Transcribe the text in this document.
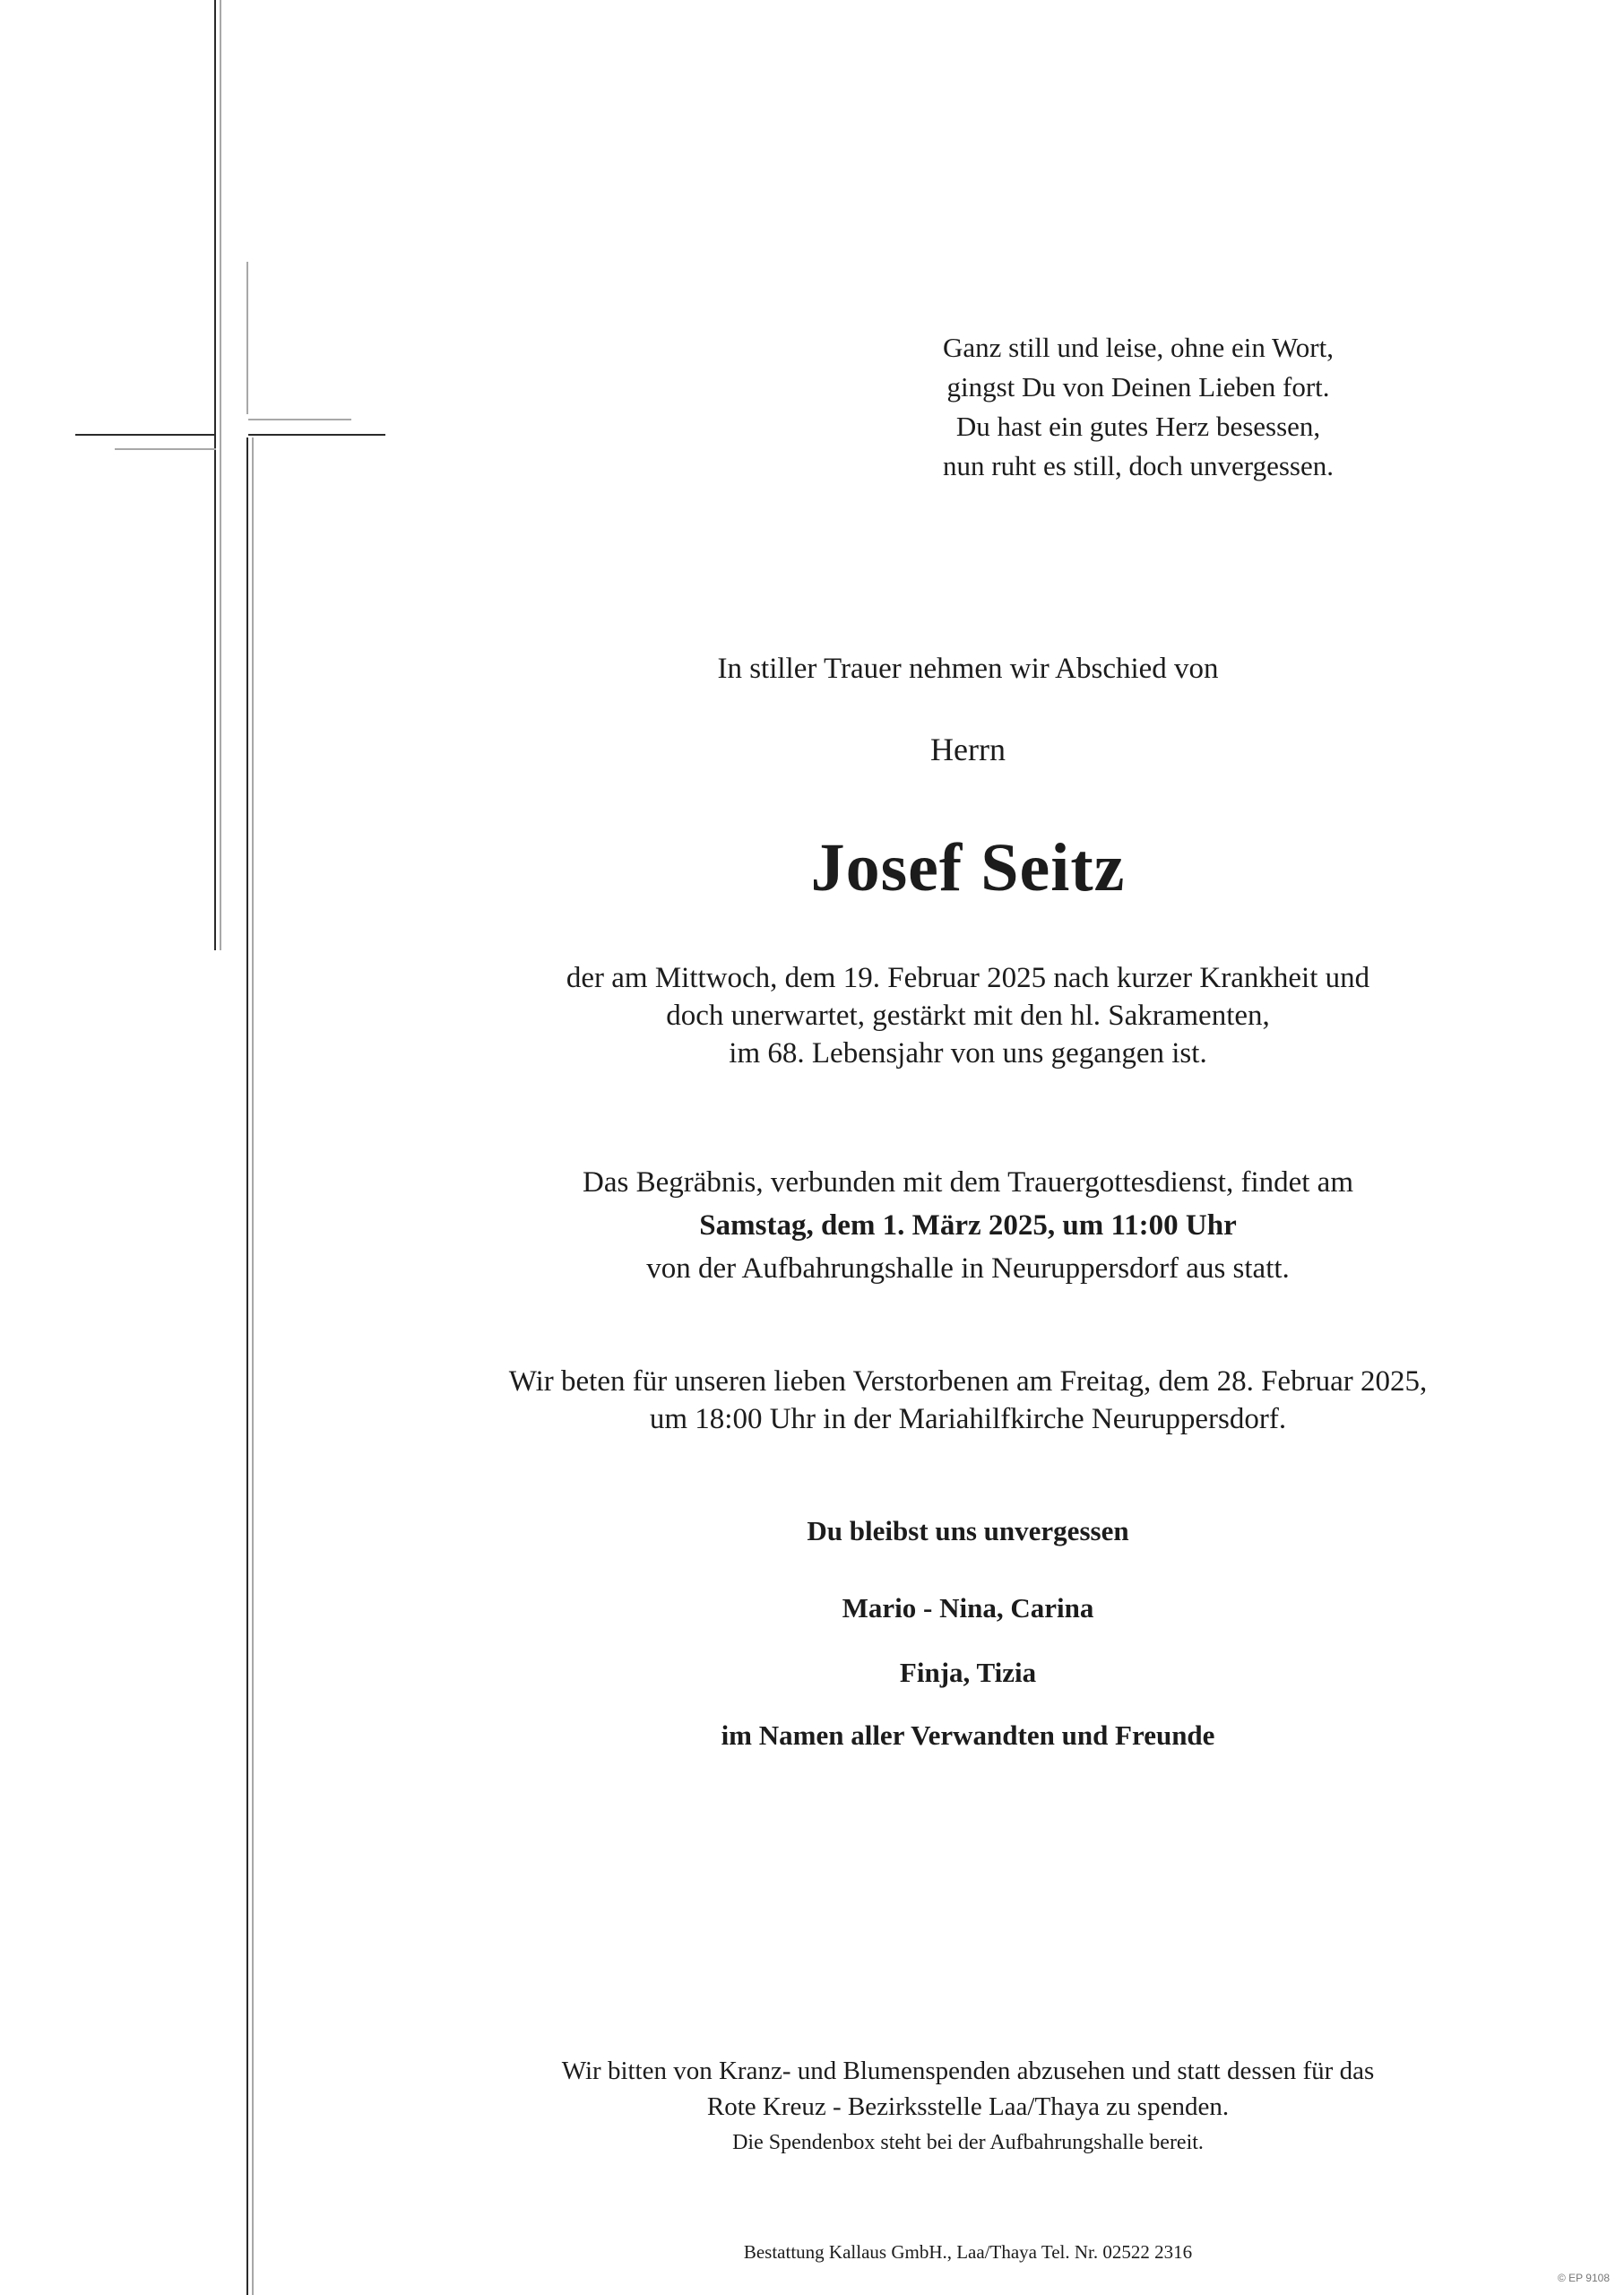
Ganz still und leise, ohne ein Wort,
gingst Du von Deinen Lieben fort.
Du hast ein gutes Herz besessen,
nun ruht es still, doch unvergessen.
In stiller Trauer nehmen wir Abschied von
Herrn
Josef Seitz
der am Mittwoch, dem 19. Februar 2025 nach kurzer Krankheit und
doch unerwartet, gestärkt mit den hl. Sakramenten,
im 68. Lebensjahr von uns gegangen ist.
Das Begräbnis, verbunden mit dem Trauergottesdienst, findet am
Samstag, dem 1. März 2025, um 11:00 Uhr
von der Aufbahrungshalle in Neuruppersdorf aus statt.
Wir beten für unseren lieben Verstorbenen am Freitag, dem 28. Februar 2025,
um 18:00 Uhr in der Mariahilfkirche Neuruppersdorf.
Du bleibst uns unvergessen
Mario - Nina, Carina
Finja, Tizia
im Namen aller Verwandten und Freunde
Wir bitten von Kranz- und Blumenspenden abzusehen und statt dessen für das
Rote Kreuz - Bezirksstelle Laa/Thaya zu spenden.
Die Spendenbox steht bei der Aufbahrungshalle bereit.
Bestattung Kallaus GmbH., Laa/Thaya Tel. Nr. 02522 2316
© EP 9108
